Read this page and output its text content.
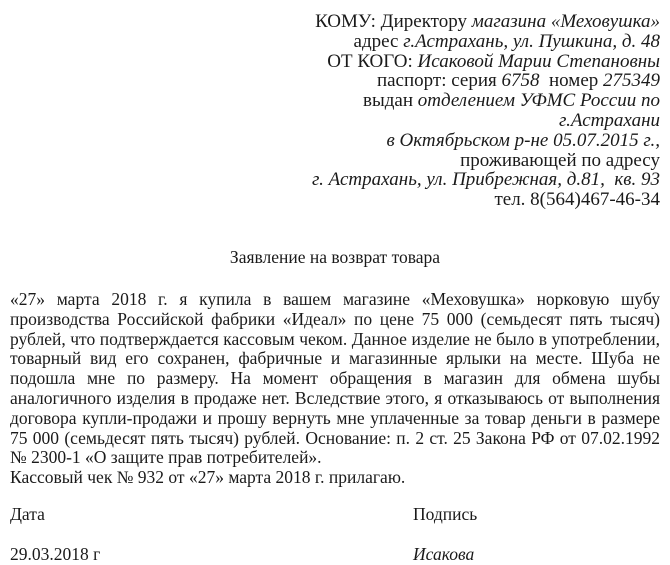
КОМУ: Директору магазина «Меховушка»
адрес г.Астрахань, ул. Пушкина, д. 48
ОТ КОГО: Исаковой Марии Степановны
паспорт: серия 6758  номер 275349
выдан отделением УФМС России по
г.Астрахани
в Октябрьском р-не 05.07.2015 г.,
проживающей по адресу
г. Астрахань, ул. Прибрежная, д.81,  кв. 93
тел. 8(564)467-46-34
Заявление на возврат товара
«27» марта 2018 г. я купила в вашем магазине «Меховушка» норковую шубу производства Российской фабрики «Идеал» по цене 75 000 (семьдесят пять тысяч) рублей, что подтверждается кассовым чеком. Данное изделие не было в употреблении, товарный вид его сохранен, фабричные и магазинные ярлыки на месте. Шуба не подошла мне по размеру. На момент обращения в магазин для обмена шубы аналогичного изделия в продаже нет. Вследствие этого, я отказываюсь от выполнения договора купли-продажи и прошу вернуть мне уплаченные за товар деньги в размере 75 000 (семьдесят пять тысяч) рублей. Основание: п. 2 ст. 25 Закона РФ от 07.02.1992 № 2300-1 «О защите прав потребителей».
Кассовый чек № 932 от «27» марта 2018 г. прилагаю.
Дата	Подпись
29.03.2018 г	Исакова
